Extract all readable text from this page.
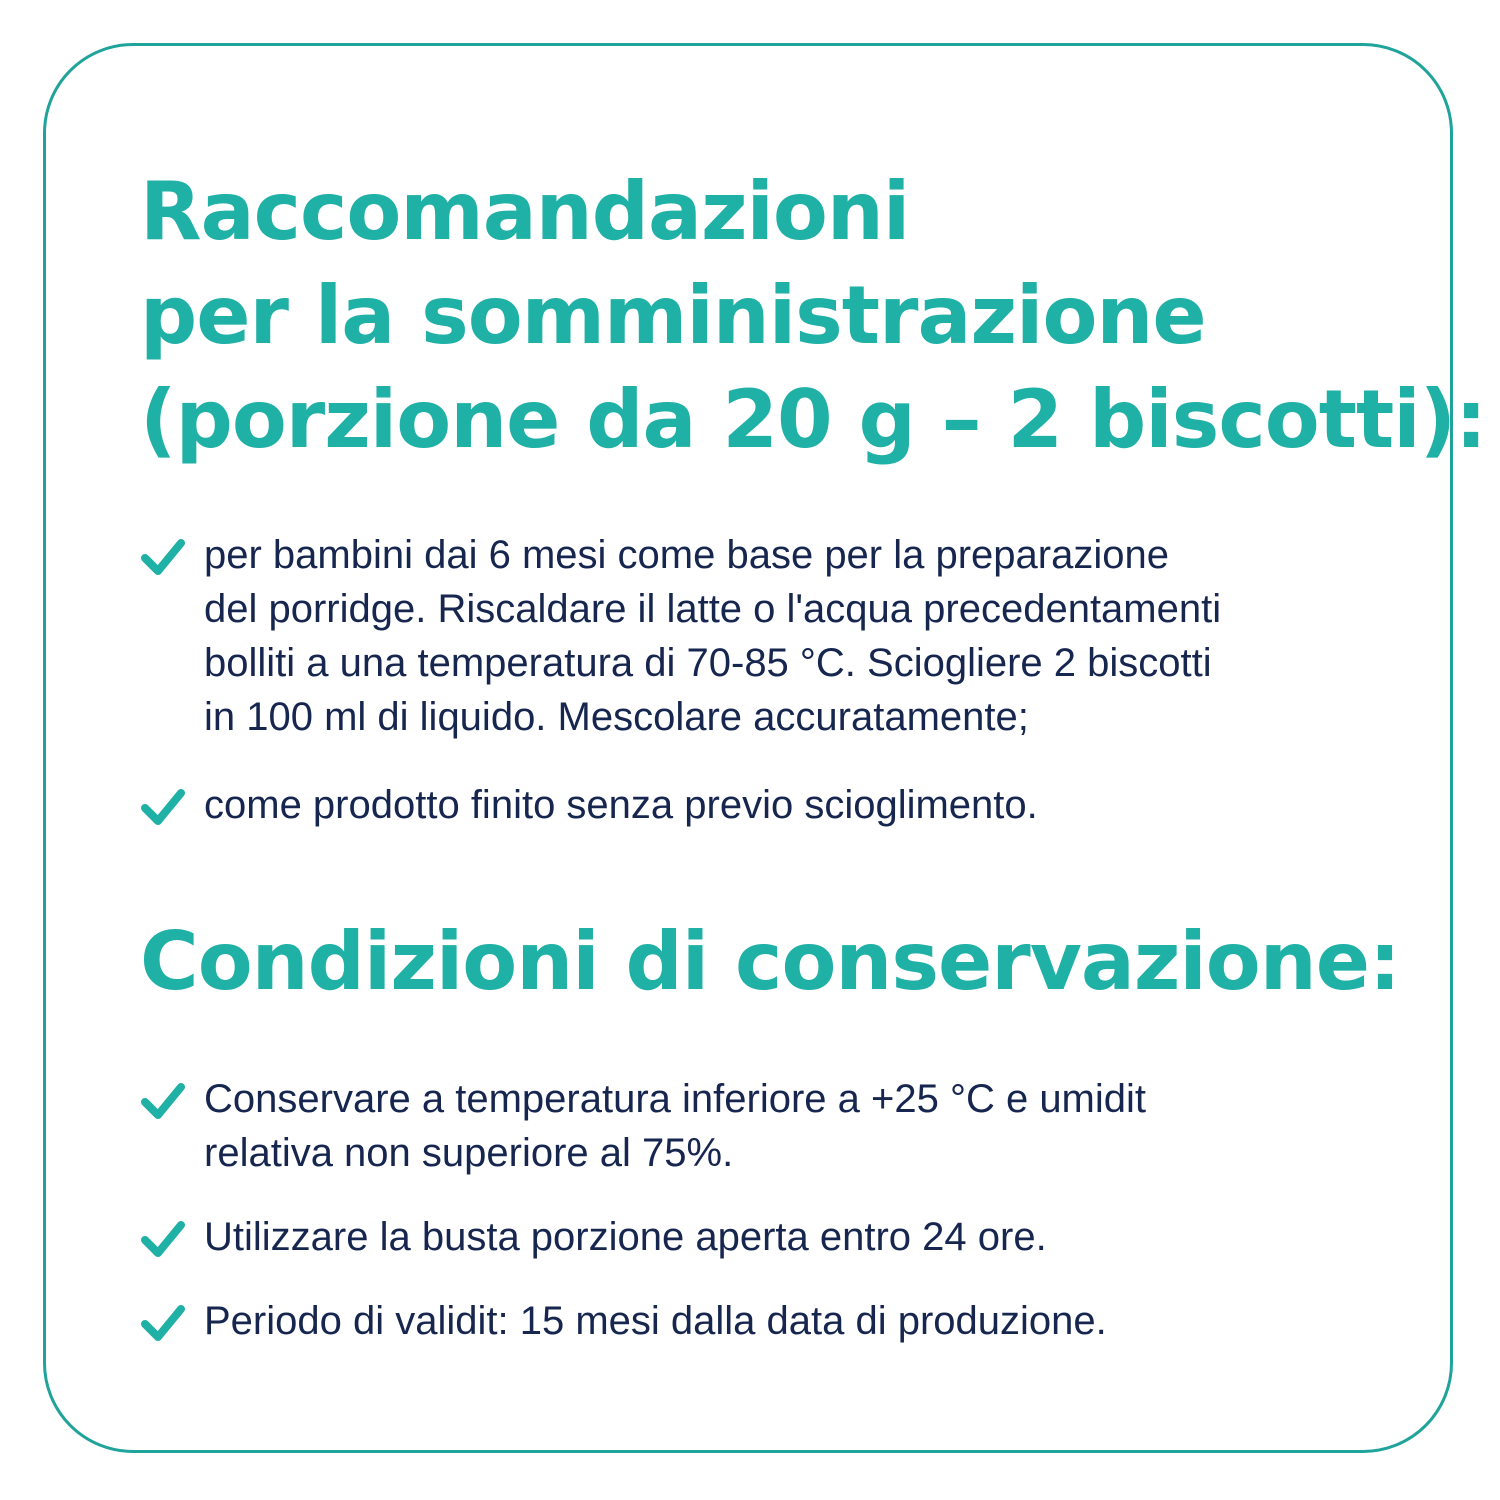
Raccomandazioni
per la somministrazione
(porzione da 20 g – 2 biscotti):
per bambini dai 6 mesi come base per la preparazione
del porridge. Riscaldare il latte o l'acqua precedentamenti
bolliti a una temperatura di 70-85 °C. Sciogliere 2 biscotti
in 100 ml di liquido. Mescolare accuratamente;
come prodotto finito senza previo scioglimento.
Condizioni di conservazione:
Conservare a temperatura inferiore a +25 °C e umidit
relativa non superiore al 75%.
Utilizzare la busta porzione aperta entro 24 ore.
Periodo di validit: 15 mesi dalla data di produzione.
